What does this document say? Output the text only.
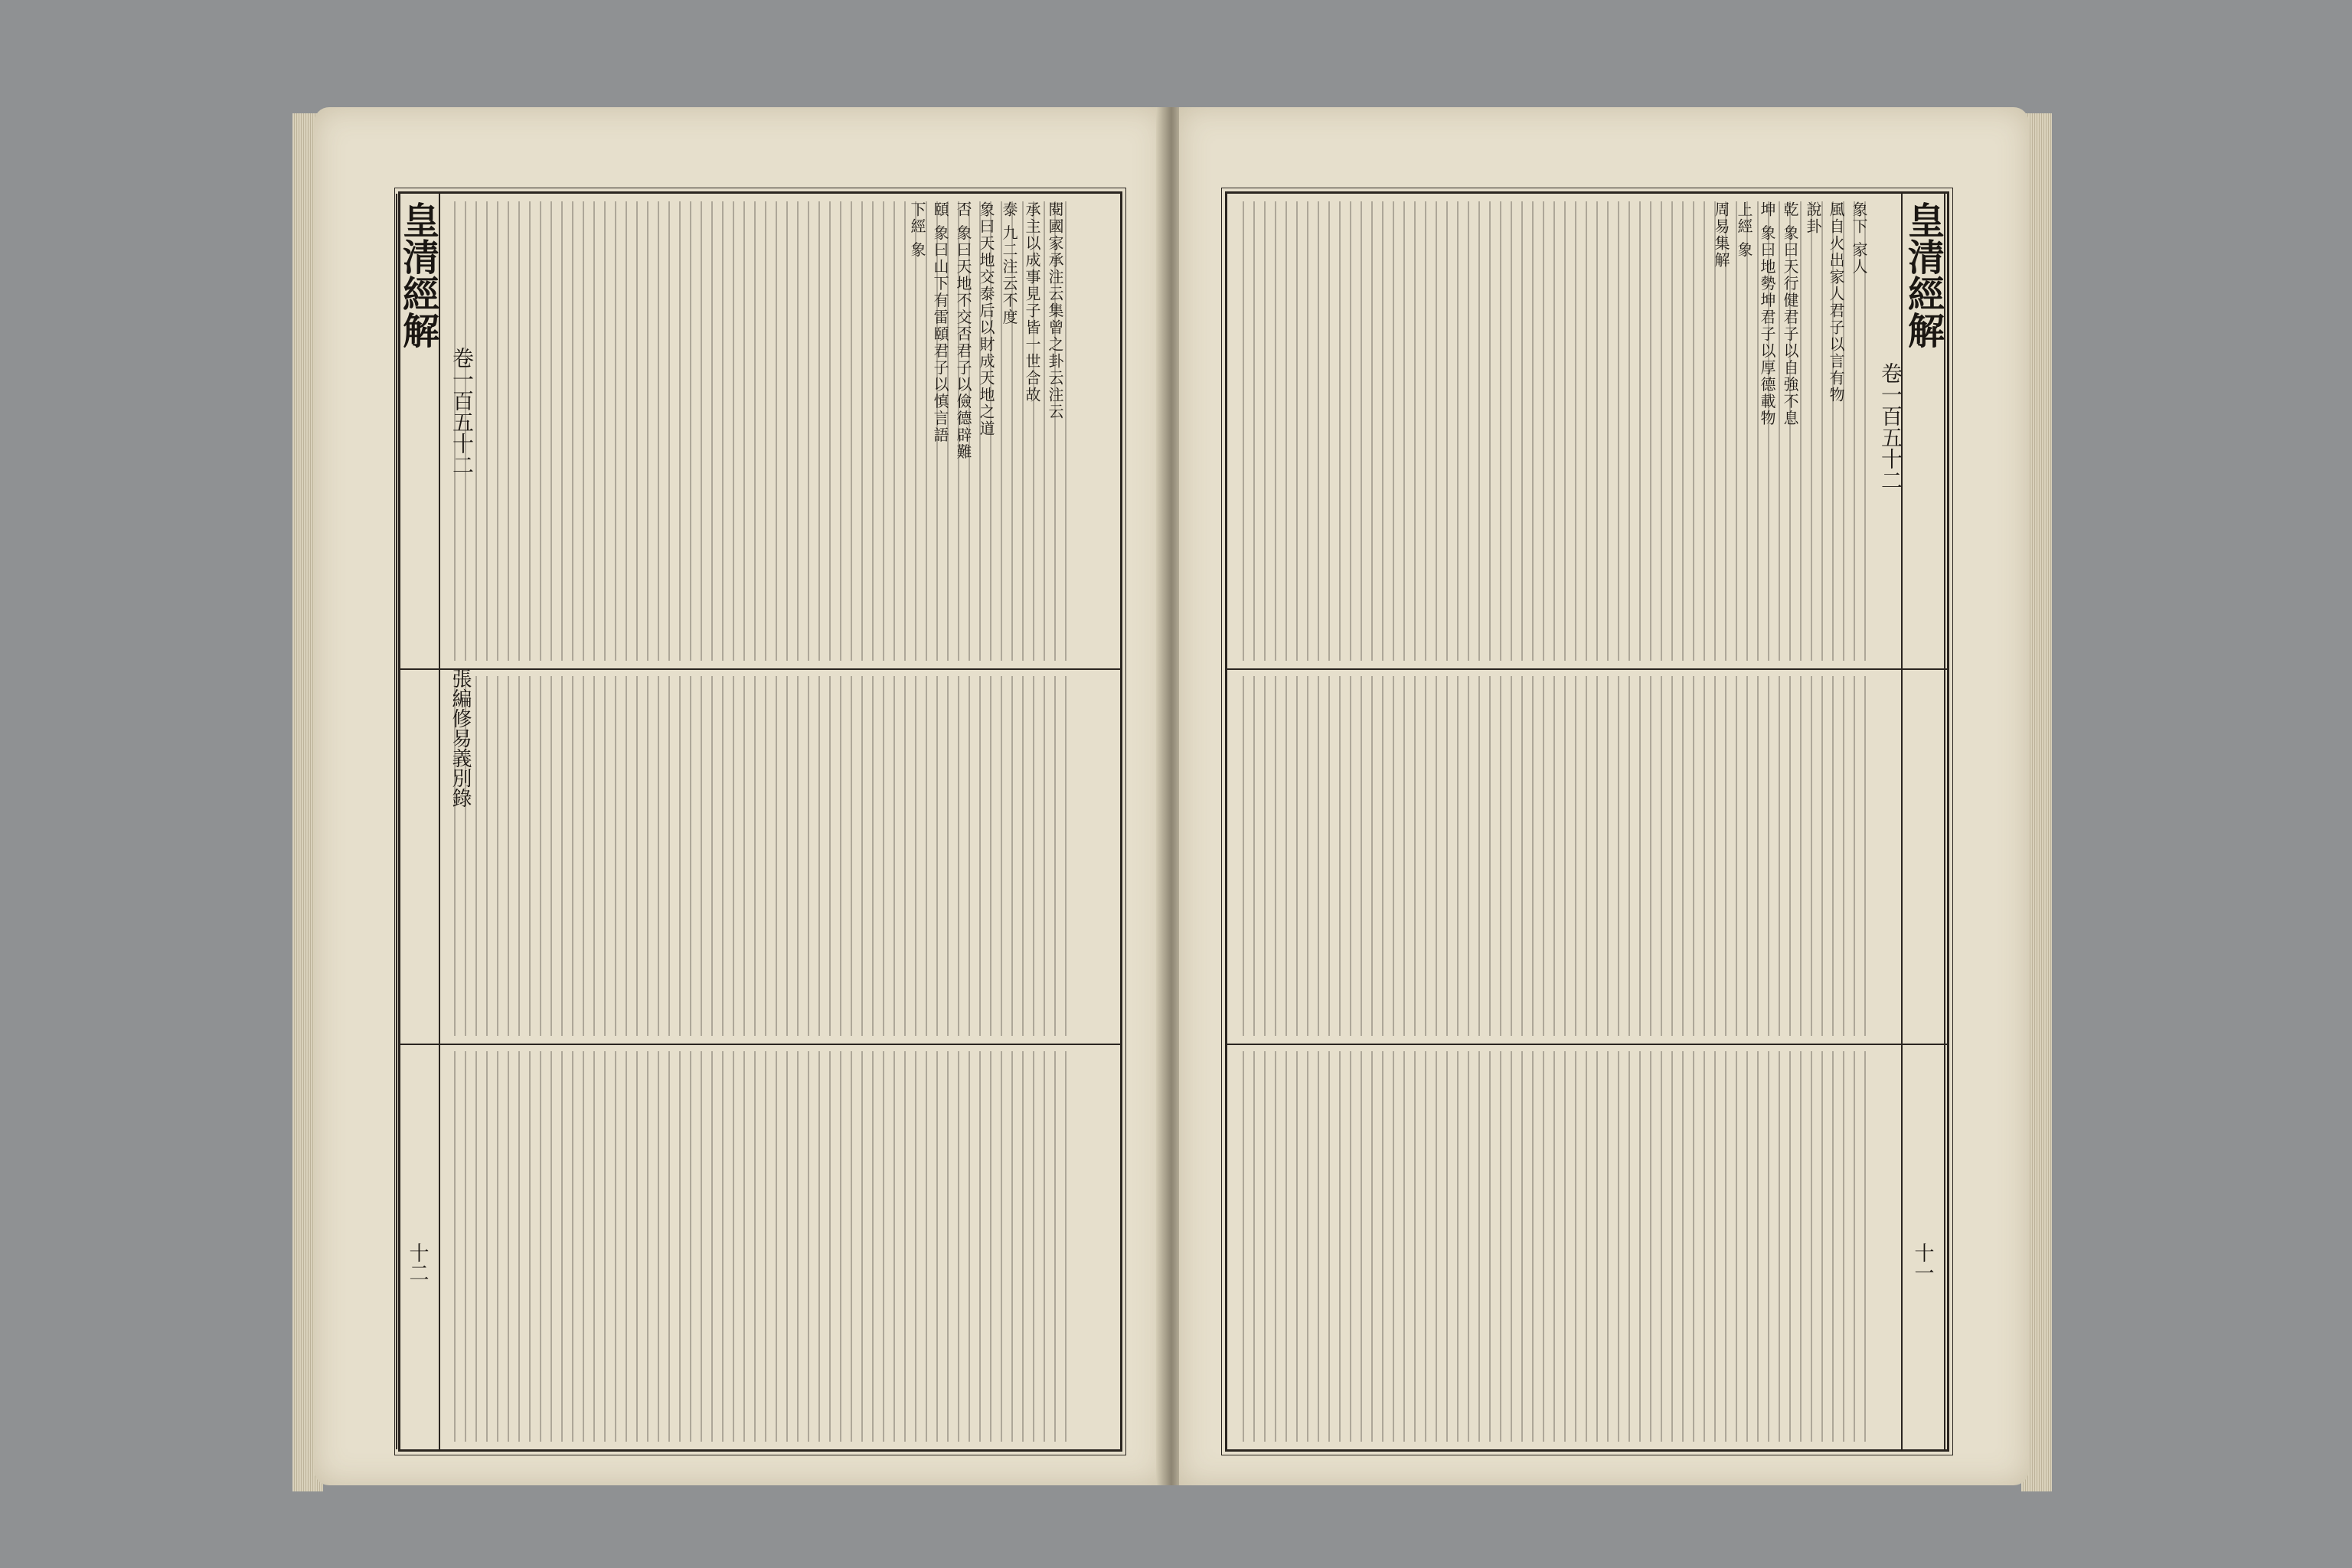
閱國家承注云集曾之卦云注云
承主以成事見子皆一世合故
泰 九二注云不度
象曰天地交泰后以財成天地之道
否 象曰天地不交否君子以儉德辟難
頤 象曰山下有雷頤君子以慎言語
下經 象
皇清經解
卷一百五十二
張編修易義別錄
十二
象下 家人
風自火出家人君子以言有物
說卦
乾 象曰天行健君子以自強不息
坤 象曰地勢坤君子以厚德載物
上經 象
周易集解	皇清經解
卷一百五十二
十一
